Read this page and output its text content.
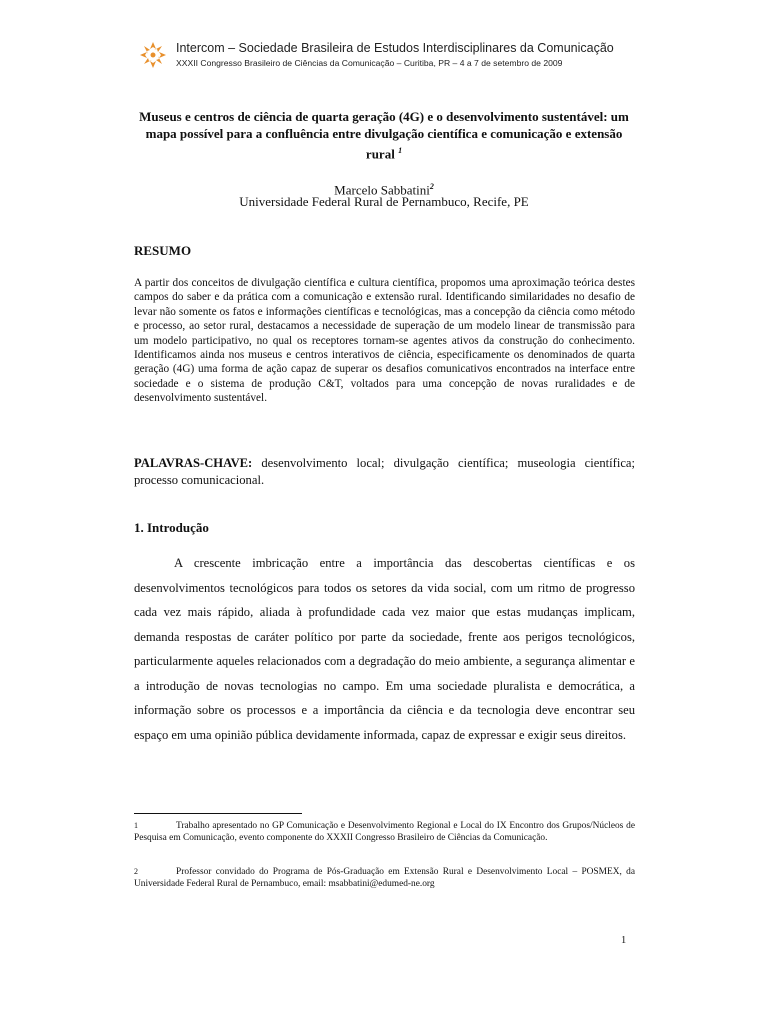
Intercom – Sociedade Brasileira de Estudos Interdisciplinares da Comunicação
XXXII Congresso Brasileiro de Ciências da Comunicação – Curitiba, PR – 4 a 7 de setembro de 2009
Museus e centros de ciência de quarta geração (4G) e o desenvolvimento sustentável: um mapa possível para a confluência entre divulgação científica e comunicação e extensão rural $^1$
Marcelo Sabbatini$^2$
Universidade Federal Rural de Pernambuco, Recife, PE
RESUMO
A partir dos conceitos de divulgação científica e cultura científica, propomos uma aproximação teórica destes campos do saber e da prática com a comunicação e extensão rural. Identificando similaridades no desafio de levar não somente os fatos e informações científicas e tecnológicas, mas a concepção da ciência como método e processo, ao setor rural, destacamos a necessidade de superação de um modelo linear de transmissão para um modelo participativo, no qual os receptores tornam-se agentes ativos da construção do conhecimento. Identificamos ainda nos museus e centros interativos de ciência, especificamente os denominados de quarta geração (4G) uma forma de ação capaz de superar os desafios comunicativos encontrados na interface entre sociedade e o sistema de produção C&T, voltados para uma concepção de novas ruralidades e de desenvolvimento sustentável.
PALAVRAS-CHAVE: desenvolvimento local; divulgação científica; museologia científica; processo comunicacional.
1. Introdução
A crescente imbricação entre a importância das descobertas científicas e os desenvolvimentos tecnológicos para todos os setores da vida social, com um ritmo de progresso cada vez mais rápido, aliada à profundidade cada vez maior que estas mudanças implicam, demanda respostas de caráter político por parte da sociedade, frente aos perigos tecnológicos, particularmente aqueles relacionados com a degradação do meio ambiente, a segurança alimentar e a introdução de novas tecnologias no campo. Em uma sociedade pluralista e democrática, a informação sobre os processos e a importância da ciência e da tecnologia deve encontrar seu espaço em uma opinião pública devidamente informada, capaz de expressar e exigir seus direitos.
1	Trabalho apresentado no GP Comunicação e Desenvolvimento Regional e Local do IX Encontro dos Grupos/Núcleos de Pesquisa em Comunicação, evento componente do XXXII Congresso Brasileiro de Ciências da Comunicação.
2	Professor convidado do Programa de Pós-Graduação em Extensão Rural e Desenvolvimento Local – POSMEX, da Universidade Federal Rural de Pernambuco, email: msabbatini@edumed-ne.org
1
